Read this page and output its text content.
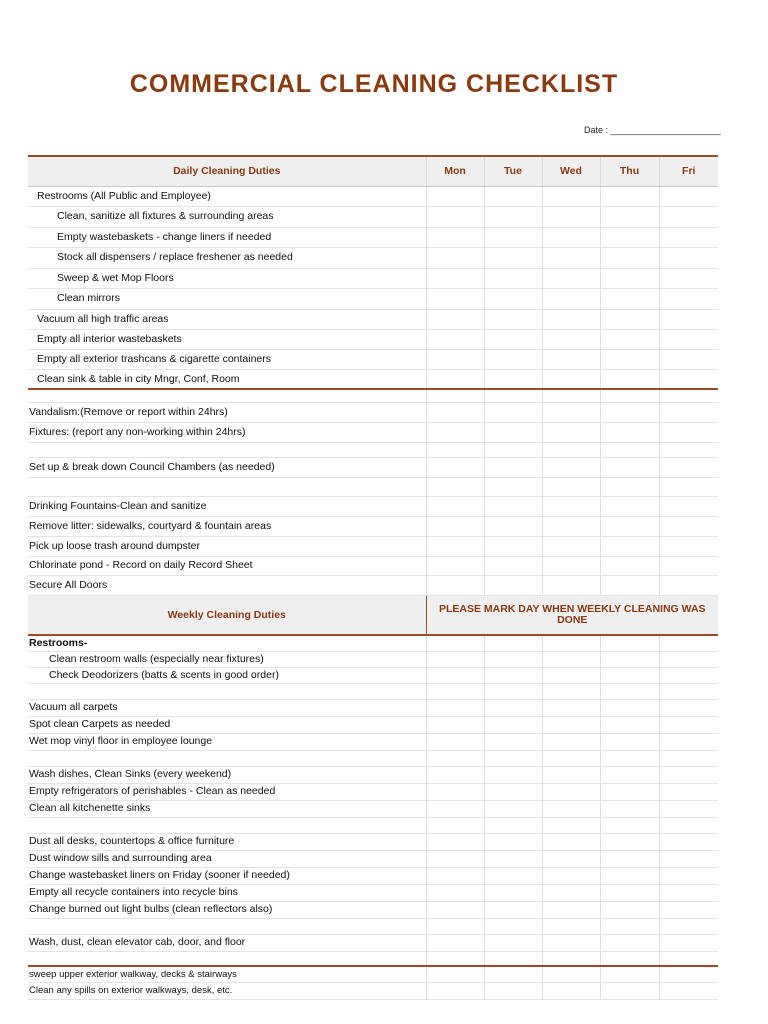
COMMERCIAL CLEANING CHECKLIST
Date : ______________________
Daily Cleaning Duties	Mon	Tue	Wed	Thu	Fri
Restrooms (All Public and Employee)					
Clean, sanitize all fixtures & surrounding areas					
Empty wastebaskets - change liners if needed					
Stock all dispensers / replace freshener as needed					
Sweep & wet Mop Floors					
Clean mirrors					
Vacuum all high traffic areas					
Empty all interior wastebaskets					
Empty all exterior trashcans & cigarette containers					
Clean sink & table in city Mngr, Conf, Room					

Vandalism:(Remove or report within 24hrs)					
Fixtures: (report any non-working within 24hrs)					

Set up & break down Council Chambers (as needed)					

Drinking Fountains-Clean and sanitize					
Remove litter: sidewalks, courtyard & fountain areas					
Pick up loose trash around dumpster					
Chlorinate pond - Record on daily Record Sheet					
Secure All Doors					
Weekly Cleaning Duties	PLEASE MARK DAY WHEN WEEKLY CLEANING WAS DONE				
Restrooms-					
Clean restroom walls (especially near fixtures)					
Check Deodorizers (batts & scents in good order)					

Vacuum all carpets					
Spot clean Carpets as needed					
Wet mop vinyl floor in employee lounge					

Wash dishes, Clean Sinks (every weekend)					
Empty refrigerators of perishables - Clean as needed					
Clean all kitchenette sinks					

Dust all desks, countertops & office furniture					
Dust window sills and surrounding area					
Change wastebasket liners on Friday (sooner if needed)					
Empty all recycle containers into recycle bins					
Change burned out light bulbs (clean reflectors also)					

Wash, dust, clean elevator cab, door, and floor					

sweep upper exterior walkway, decks & stairways					
Clean any spills on exterior walkways, desk, etc.					
